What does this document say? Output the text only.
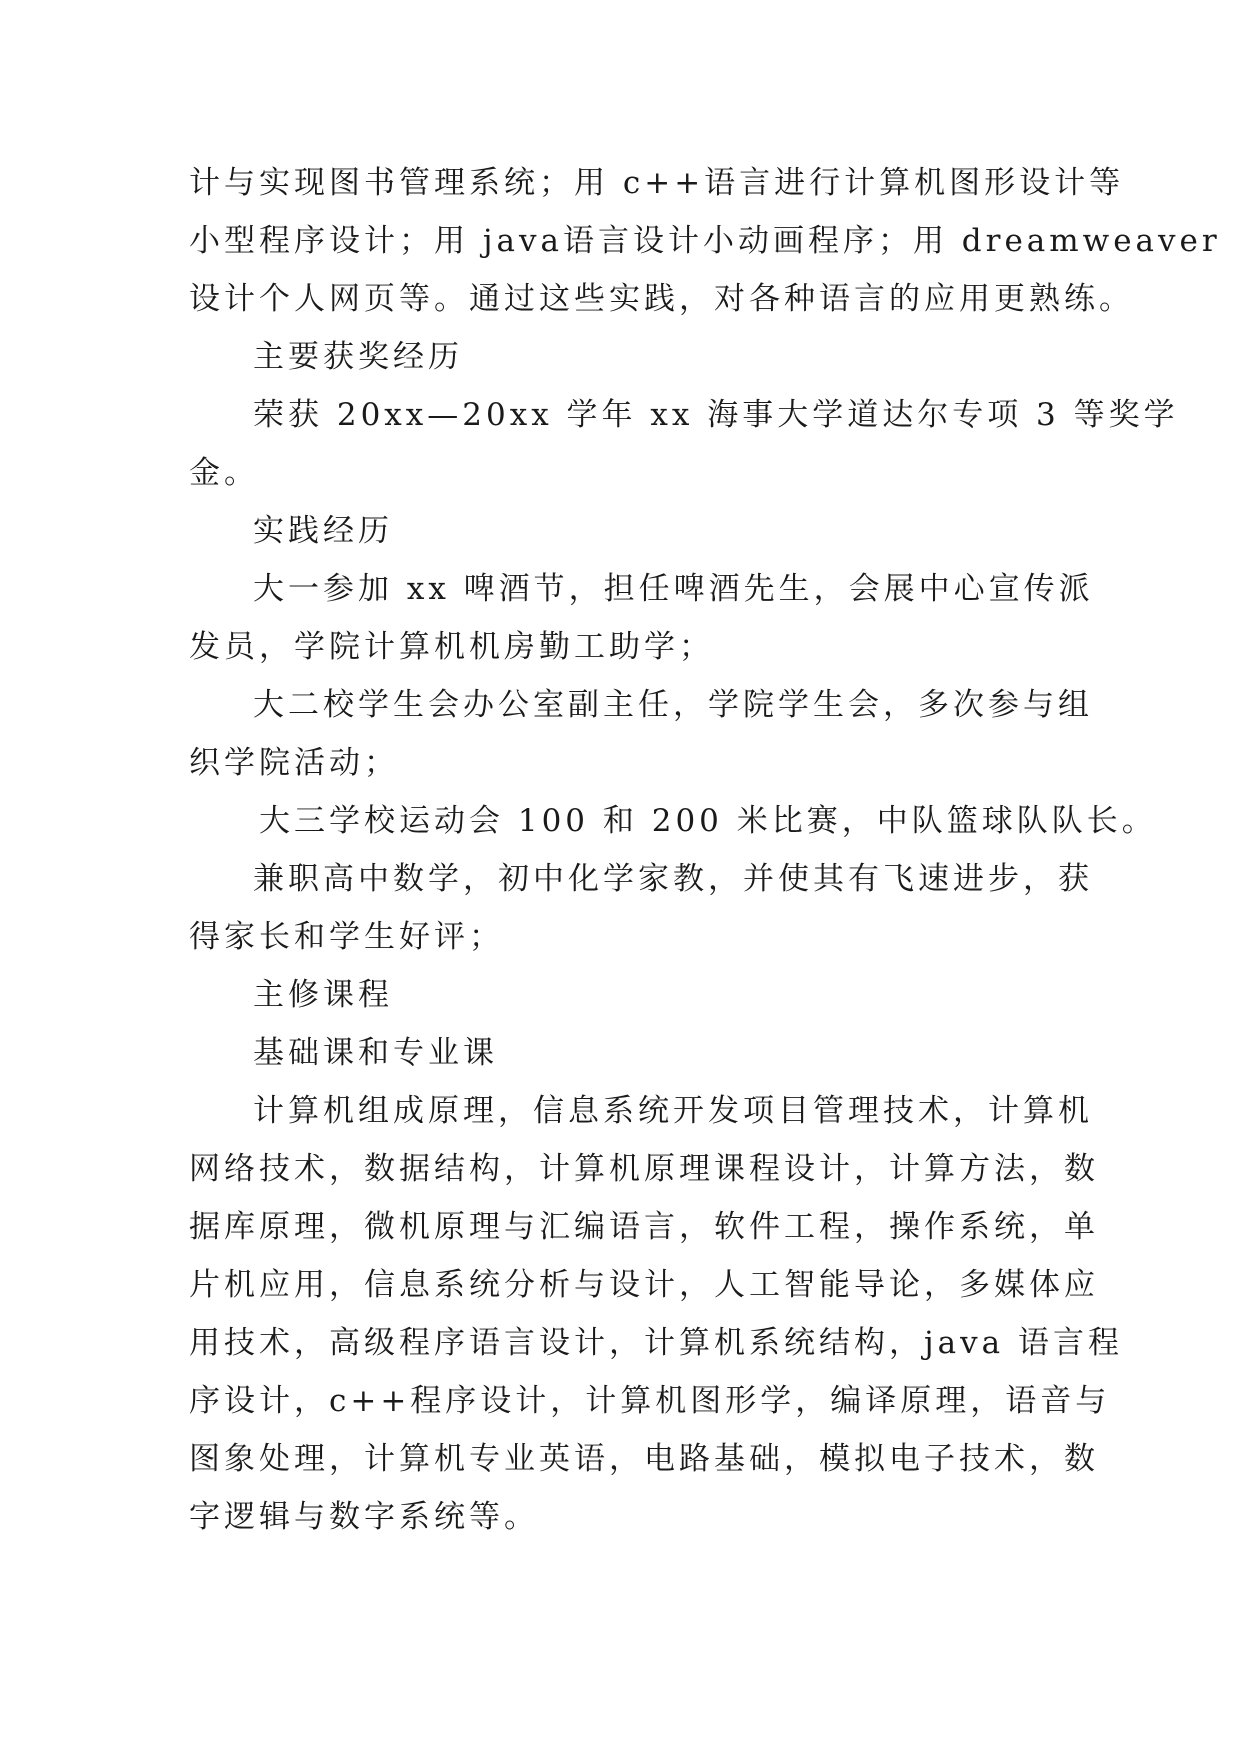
计与实现图书管理系统；用 c++语言进行计算机图形设计等
小型程序设计；用 java语言设计小动画程序；用 dreamweaver
设计个人网页等。通过这些实践，对各种语言的应用更熟练。
主要获奖经历
荣获 20xx—20xx 学年 xx 海事大学道达尔专项 3 等奖学
金。
实践经历
大一参加 xx 啤酒节，担任啤酒先生，会展中心宣传派
发员，学院计算机机房勤工助学；
大二校学生会办公室副主任，学院学生会，多次参与组
织学院活动；
大三学校运动会 100 和 200 米比赛，中队篮球队队长。
兼职高中数学，初中化学家教，并使其有飞速进步，获
得家长和学生好评；
主修课程
基础课和专业课
计算机组成原理，信息系统开发项目管理技术，计算机
网络技术，数据结构，计算机原理课程设计，计算方法，数
据库原理，微机原理与汇编语言，软件工程，操作系统，单
片机应用，信息系统分析与设计，人工智能导论，多媒体应
用技术，高级程序语言设计，计算机系统结构，java 语言程
序设计，c++程序设计，计算机图形学，编译原理，语音与
图象处理，计算机专业英语，电路基础，模拟电子技术，数
字逻辑与数字系统等。
